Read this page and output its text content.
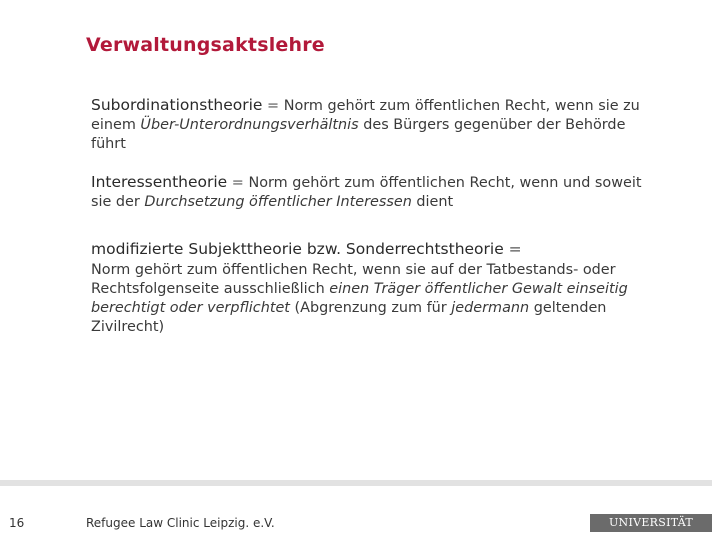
Verwaltungsaktslehre
Subordinationstheorie = Norm gehört zum öffentlichen Recht, wenn sie zu einem Über-Unterordnungsverhältnis des Bürgers gegenüber der Behörde führt
Interessentheorie = Norm gehört zum öffentlichen Recht, wenn und soweit sie der Durchsetzung öffentlicher Interessen dient
modifizierte Subjekttheorie bzw. Sonderrechtstheorie =
Norm gehört zum öffentlichen Recht, wenn sie auf der Tatbestands- oder Rechtsfolgenseite ausschließlich einen Träger öffentlicher Gewalt einseitig berechtigt oder verpflichtet (Abgrenzung zum für jedermann geltenden Zivilrecht)
16	Refugee Law Clinic Leipzig. e.V.	UNIVERSITÄT LEIPZIG
